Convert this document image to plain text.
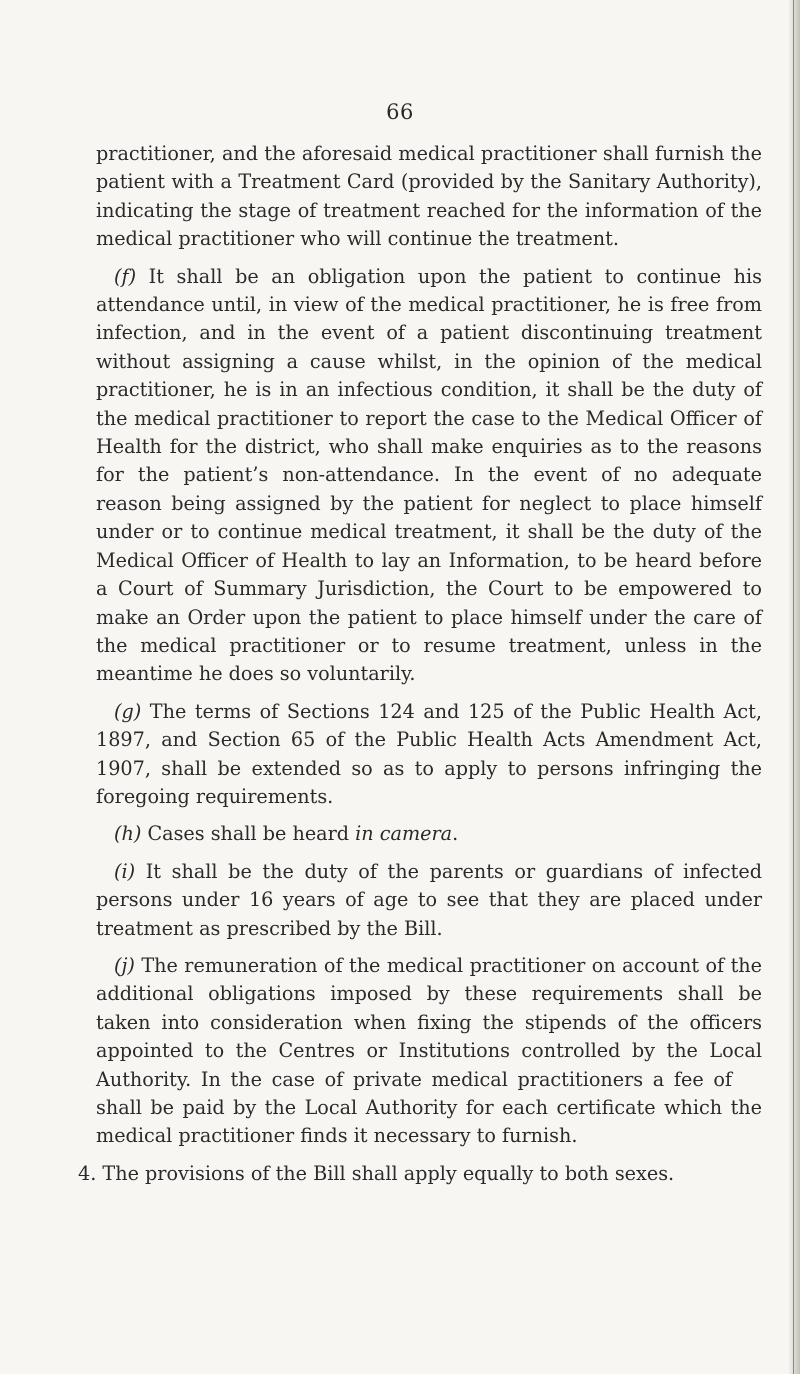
66

practitioner, and the aforesaid medical practitioner shall furnish the patient with a Treatment Card (provided by the Sanitary Authority), indicating the stage of treatment reached for the information of the medical practitioner who will continue the treatment.

(f) It shall be an obligation upon the patient to continue his attendance until, in view of the medical practitioner, he is free from infection, and in the event of a patient discontinuing treatment without assigning a cause whilst, in the opinion of the medical practitioner, he is in an infectious condition, it shall be the duty of the medical practitioner to report the case to the Medical Officer of Health for the district, who shall make enquiries as to the reasons for the patient’s non-attendance. In the event of no adequate reason being assigned by the patient for neglect to place himself under or to continue medical treatment, it shall be the duty of the Medical Officer of Health to lay an Information, to be heard before a Court of Summary Jurisdiction, the Court to be empowered to make an Order upon the patient to place himself under the care of the medical practitioner or to resume treatment, unless in the meantime he does so voluntarily.

(g) The terms of Sections 124 and 125 of the Public Health Act, 1897, and Section 65 of the Public Health Acts Amendment Act, 1907, shall be extended so as to apply to persons infringing the foregoing requirements.

(h) Cases shall be heard in camera.

(i) It shall be the duty of the parents or guardians of infected persons under 16 years of age to see that they are placed under treatment as prescribed by the Bill.

(j) The remuneration of the medical practitioner on account of the additional obligations imposed by these requirements shall be taken into consideration when fixing the stipends of the officers appointed to the Centres or Institutions controlled by the Local Authority. In the case of private medical practitioners a fee ofshall be paid by the Local Authority for each certificate which the medical practitioner finds it necessary to furnish.

4. The provisions of the Bill shall apply equally to both sexes.
